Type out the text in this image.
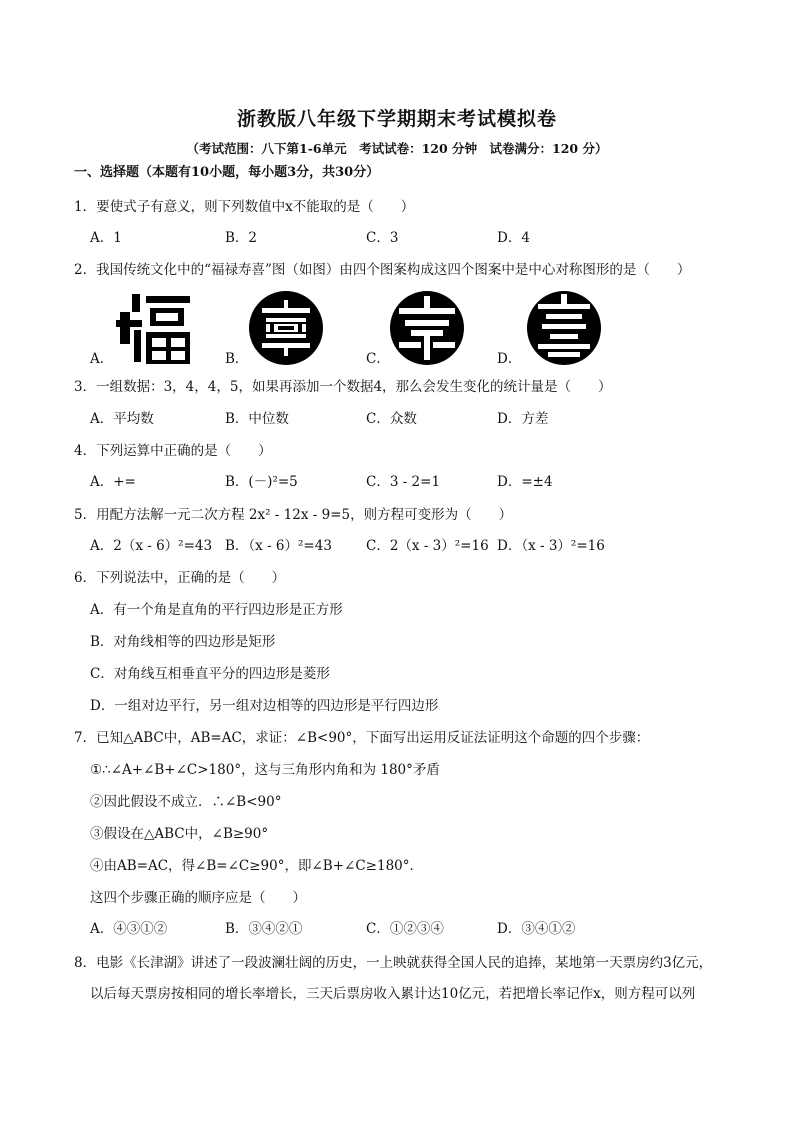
浙教版八年级下学期期末考试模拟卷
（考试范围：八下第1-6单元　考试试卷：120 分钟　试卷满分：120 分）
一、选择题（本题有10小题，每小题3分，共30分）
1．要使式子有意义，则下列数值中x不能取的是（　　）
A．1	B．2	C．3	D．4
2．我国传统文化中的“福禄寿喜”图（如图）由四个图案构成这四个图案中是中心对称图形的是（　　）
A．	B．	C．	D．
3．一组数据：3，4，4，5，如果再添加一个数据4，那么会发生变化的统计量是（　　）
A．平均数	B．中位数	C．众数	D．方差
4．下列运算中正确的是（　　）
A．+=	B．(－)²=5	C．3 - 2=1	D．=±4
5．用配方法解一元二次方程 2x² - 12x - 9=5，则方程可变形为（　　）
A．2（x - 6）²=43 B．（x - 6）²=43	C．2（x - 3）²=16 D．（x - 3）²=16
6．下列说法中，正确的是（　　）
A．有一个角是直角的平行四边形是正方形
B．对角线相等的四边形是矩形
C．对角线互相垂直平分的四边形是菱形
D．一组对边平行，另一组对边相等的四边形是平行四边形
7．已知△ABC中，AB=AC，求证：∠B<90°，下面写出运用反证法证明这个命题的四个步骤：
①∴∠A+∠B+∠C>180°，这与三角形内角和为 180°矛盾
②因此假设不成立．∴∠B<90°
③假设在△ABC中，∠B≥90°
④由AB=AC，得∠B=∠C≥90°，即∠B+∠C≥180°．
这四个步骤正确的顺序应是（　　）
A．④③①②	B．③④②①	C．①②③④	D．③④①②
8．电影《长津湖》讲述了一段波澜壮阔的历史，一上映就获得全国人民的追捧，某地第一天票房约3亿元，
以后每天票房按相同的增长率增长，三天后票房收入累计达10亿元，若把增长率记作x，则方程可以列
